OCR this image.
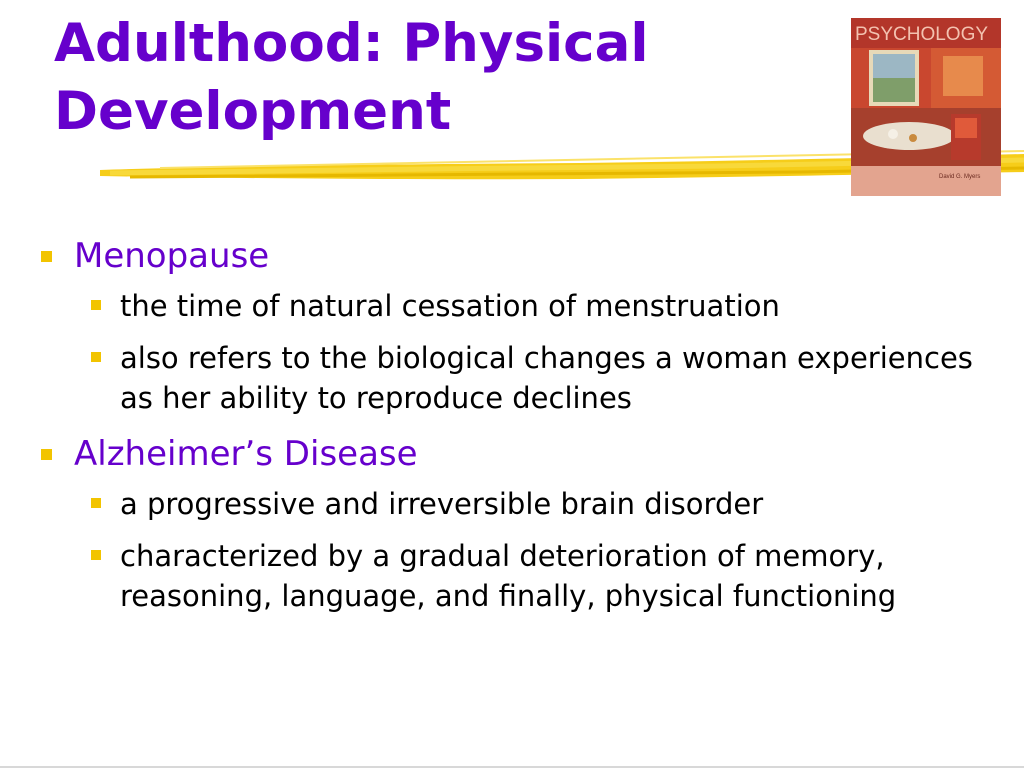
Adulthood: Physical
Development
PSYCHOLOGY
David G. Myers
Menopause
the time of natural cessation of menstruation
also refers to the biological changes a woman experiences as her ability to reproduce declines
Alzheimer’s Disease
a progressive and irreversible brain disorder
characterized by a gradual deterioration of memory, reasoning, language, and finally, physical functioning
